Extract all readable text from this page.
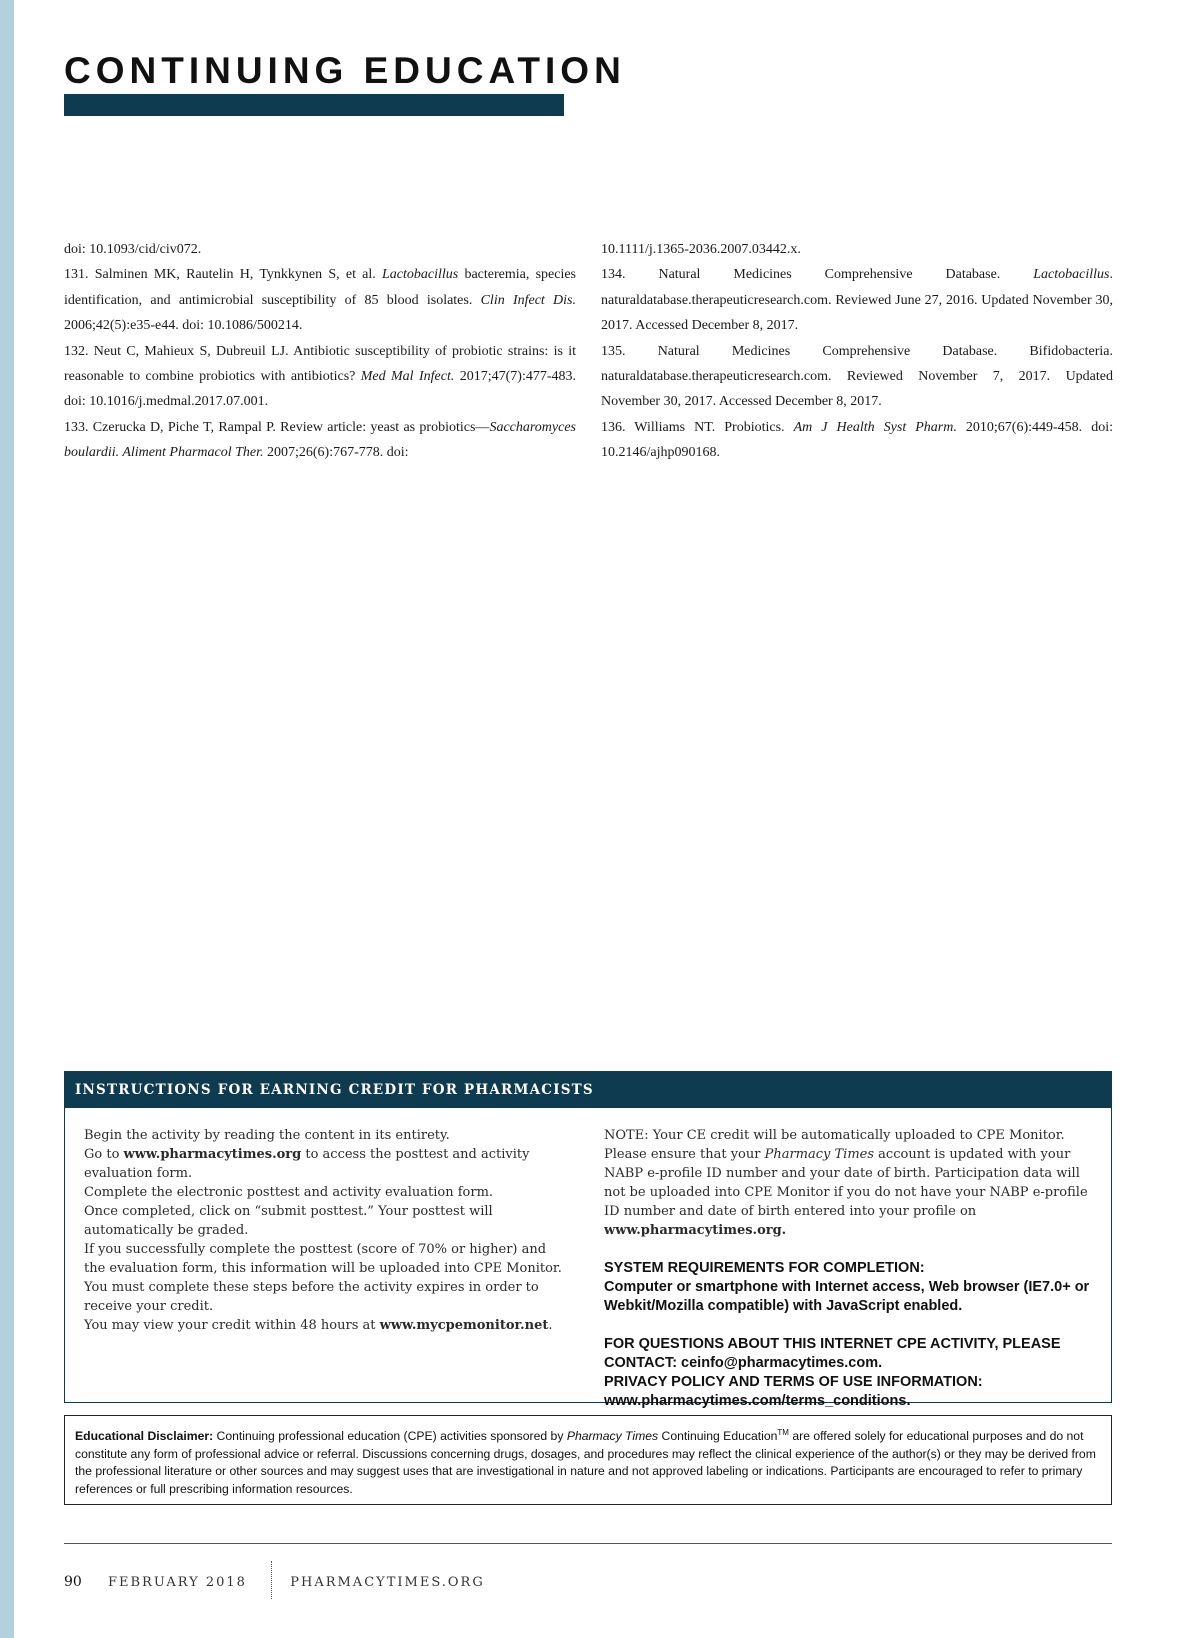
CONTINUING EDUCATION
doi: 10.1093/cid/civ072.
131. Salminen MK, Rautelin H, Tynkkynen S, et al. Lactobacillus bacteremia, species identification, and antimicrobial susceptibility of 85 blood isolates. Clin Infect Dis. 2006;42(5):e35-e44. doi: 10.1086/500214.
132. Neut C, Mahieux S, Dubreuil LJ. Antibiotic susceptibility of probiotic strains: is it reasonable to combine probiotics with antibiotics? Med Mal Infect. 2017;47(7):477-483. doi: 10.1016/j.medmal.2017.07.001.
133. Czerucka D, Piche T, Rampal P. Review article: yeast as probiotics—Saccharomyces boulardii. Aliment Pharmacol Ther. 2007;26(6):767-778. doi:
10.1111/j.1365-2036.2007.03442.x.
134. Natural Medicines Comprehensive Database. Lactobacillus. naturaldatabase.therapeuticresearch.com. Reviewed June 27, 2016. Updated November 30, 2017. Accessed December 8, 2017.
135. Natural Medicines Comprehensive Database. Bifidobacteria. naturaldatabase.therapeuticresearch.com. Reviewed November 7, 2017. Updated November 30, 2017. Accessed December 8, 2017.
136. Williams NT. Probiotics. Am J Health Syst Pharm. 2010;67(6):449-458. doi: 10.2146/ajhp090168.
INSTRUCTIONS FOR EARNING CREDIT FOR PHARMACISTS

Begin the activity by reading the content in its entirety.

Go to www.pharmacytimes.org to access the posttest and activity evaluation form.

Complete the electronic posttest and activity evaluation form.

Once completed, click on “submit posttest.” Your posttest will automatically be graded.

If you successfully complete the posttest (score of 70% or higher) and the evaluation form, this information will be uploaded into CPE Monitor. You must complete these steps before the activity expires in order to receive your credit.

You may view your credit within 48 hours at www.mycpemonitor.net.

NOTE: Your CE credit will be automatically uploaded to CPE Monitor. Please ensure that your Pharmacy Times account is updated with your NABP e-profile ID number and your date of birth. Participation data will not be uploaded into CPE Monitor if you do not have your NABP e-profile ID number and date of birth entered into your profile on www.pharmacytimes.org.

SYSTEM REQUIREMENTS FOR COMPLETION:
Computer or smartphone with Internet access, Web browser (IE7.0+ or Webkit/Mozilla compatible) with JavaScript enabled.
FOR QUESTIONS ABOUT THIS INTERNET CPE ACTIVITY, PLEASE CONTACT: ceinfo@pharmacytimes.com.
PRIVACY POLICY AND TERMS OF USE INFORMATION:
www.pharmacytimes.com/terms_conditions.
Educational Disclaimer: Continuing professional education (CPE) activities sponsored by Pharmacy Times Continuing Education™ are offered solely for educational purposes and do not constitute any form of professional advice or referral. Discussions concerning drugs, dosages, and procedures may reflect the clinical experience of the author(s) or they may be derived from the professional literature or other sources and may suggest uses that are investigational in nature and not approved labeling or indications. Participants are encouraged to refer to primary references or full prescribing information resources.
90 FEBRUARY 2018	PHARMACYTIMES.ORG
